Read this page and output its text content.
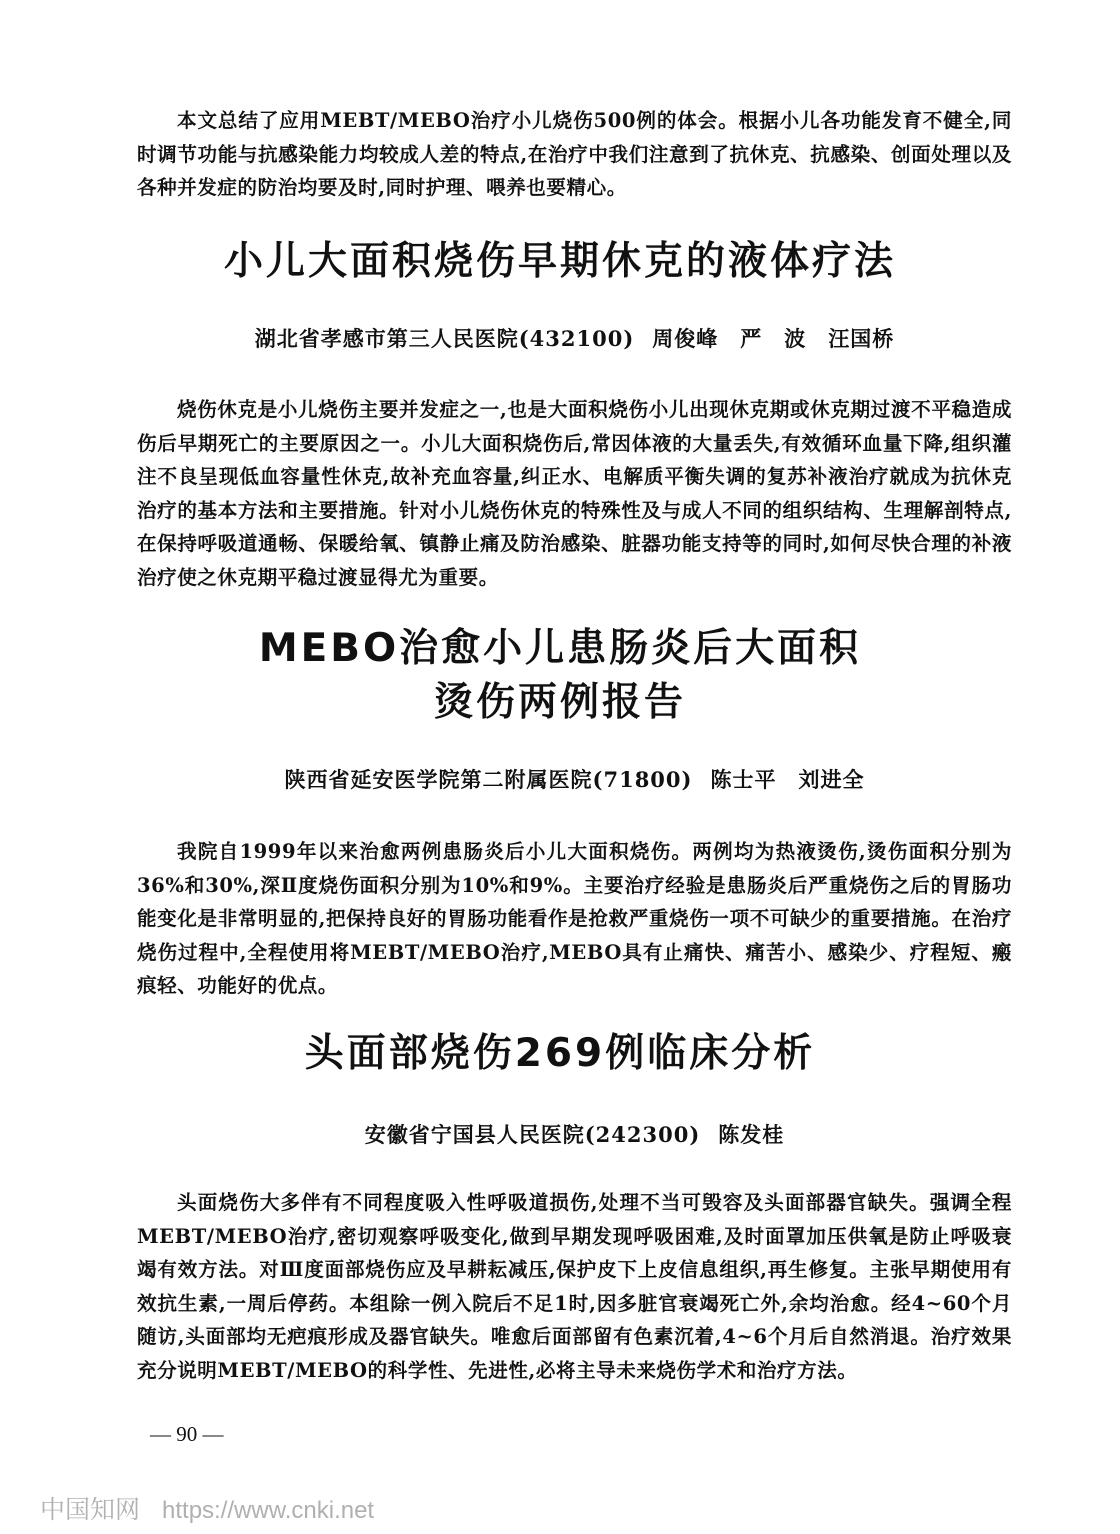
本文总结了应用MEBT/MEBO治疗小儿烧伤500例的体会。根据小儿各功能发育不健全,同时调节功能与抗感染能力均较成人差的特点,在治疗中我们注意到了抗休克、抗感染、创面处理以及各种并发症的防治均要及时,同时护理、喂养也要精心。

小儿大面积烧伤早期休克的液体疗法

湖北省孝感市第三人民医院(432100) 周俊峰　严　波　汪国桥

烧伤休克是小儿烧伤主要并发症之一,也是大面积烧伤小儿出现休克期或休克期过渡不平稳造成伤后早期死亡的主要原因之一。小儿大面积烧伤后,常因体液的大量丢失,有效循环血量下降,组织灌注不良呈现低血容量性休克,故补充血容量,纠正水、电解质平衡失调的复苏补液治疗就成为抗休克治疗的基本方法和主要措施。针对小儿烧伤休克的特殊性及与成人不同的组织结构、生理解剖特点,在保持呼吸道通畅、保暖给氧、镇静止痛及防治感染、脏器功能支持等的同时,如何尽快合理的补液治疗使之休克期平稳过渡显得尤为重要。

MEBO治愈小儿患肠炎后大面积
烫伤两例报告

陕西省延安医学院第二附属医院(71800) 陈士平　刘进全

我院自1999年以来治愈两例患肠炎后小儿大面积烧伤。两例均为热液烫伤,烫伤面积分别为36%和30%,深Ⅱ度烧伤面积分别为10%和9%。主要治疗经验是患肠炎后严重烧伤之后的胃肠功能变化是非常明显的,把保持良好的胃肠功能看作是抢救严重烧伤一项不可缺少的重要措施。在治疗烧伤过程中,全程使用将MEBT/MEBO治疗,MEBO具有止痛快、痛苦小、感染少、疗程短、瘢痕轻、功能好的优点。

头面部烧伤269例临床分析

安徽省宁国县人民医院(242300) 陈发桂

头面烧伤大多伴有不同程度吸入性呼吸道损伤,处理不当可毁容及头面部器官缺失。强调全程MEBT/MEBO治疗,密切观察呼吸变化,做到早期发现呼吸困难,及时面罩加压供氧是防止呼吸衰竭有效方法。对Ⅲ度面部烧伤应及早耕耘减压,保护皮下上皮信息组织,再生修复。主张早期使用有效抗生素,一周后停药。本组除一例入院后不足1时,因多脏官衰竭死亡外,余均治愈。经4~60个月随访,头面部均无疤痕形成及器官缺失。唯愈后面部留有色素沉着,4~6个月后自然消退。治疗效果充分说明MEBT/MEBO的科学性、先进性,必将主导未来烧伤学术和治疗方法。

— 90 —
中国知网 https://www.cnki.net
